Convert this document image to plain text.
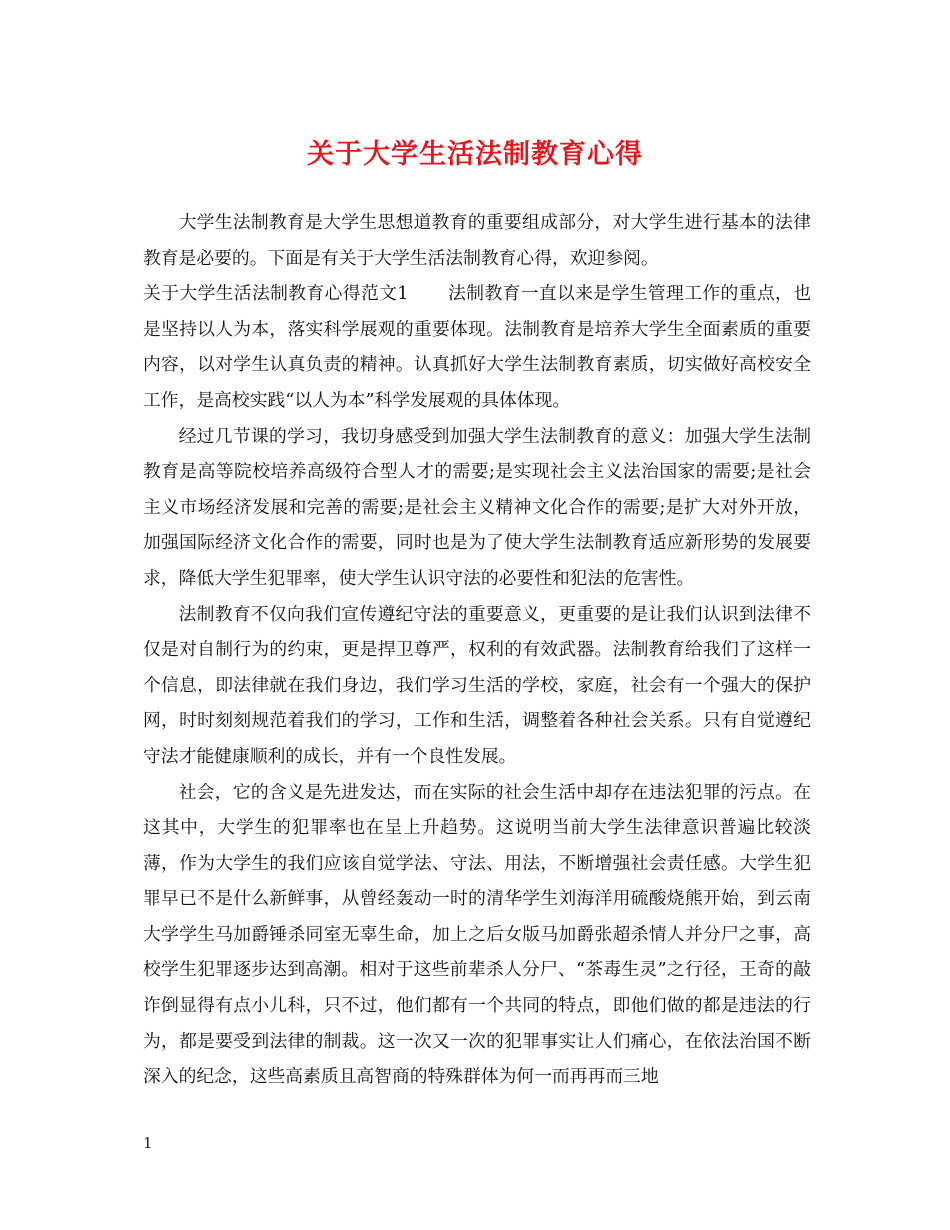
关于大学生活法制教育心得

大学生法制教育是大学生思想道教育的重要组成部分，对大学生进行基本的法律教育是必要的。下面是有关于大学生活法制教育心得，欢迎参阅。

关于大学生活法制教育心得范文1 法制教育一直以来是学生管理工作的重点，也是坚持以人为本，落实科学展观的重要体现。法制教育是培养大学生全面素质的重要内容，以对学生认真负责的精神。认真抓好大学生法制教育素质，切实做好高校安全工作，是高校实践“以人为本”科学发展观的具体体现。

经过几节课的学习，我切身感受到加强大学生法制教育的意义：加强大学生法制教育是高等院校培养高级符合型人才的需要;是实现社会主义法治国家的需要;是社会主义市场经济发展和完善的需要;是社会主义精神文化合作的需要;是扩大对外开放，加强国际经济文化合作的需要，同时也是为了使大学生法制教育适应新形势的发展要求，降低大学生犯罪率，使大学生认识守法的必要性和犯法的危害性。

法制教育不仅向我们宣传遵纪守法的重要意义，更重要的是让我们认识到法律不仅是对自制行为的约束，更是捍卫尊严，权利的有效武器。法制教育给我们了这样一个信息，即法律就在我们身边，我们学习生活的学校，家庭，社会有一个强大的保护网，时时刻刻规范着我们的学习，工作和生活，调整着各种社会关系。只有自觉遵纪守法才能健康顺利的成长，并有一个良性发展。

社会，它的含义是先进发达，而在实际的社会生活中却存在违法犯罪的污点。在这其中，大学生的犯罪率也在呈上升趋势。这说明当前大学生法律意识普遍比较淡薄，作为大学生的我们应该自觉学法、守法、用法，不断增强社会责任感。大学生犯罪早已不是什么新鲜事，从曾经轰动一时的清华学生刘海洋用硫酸烧熊开始，到云南大学学生马加爵锤杀同室无辜生命，加上之后女版马加爵张超杀情人并分尸之事，高校学生犯罪逐步达到高潮。相对于这些前辈杀人分尸、“茶毒生灵”之行径，王奇的敲诈倒显得有点小儿科，只不过，他们都有一个共同的特点，即他们做的都是违法的行为，都是要受到法律的制裁。这一次又一次的犯罪事实让人们痛心，在依法治国不断深入的纪念，这些高素质且高智商的特殊群体为何一而再再而三地

1
